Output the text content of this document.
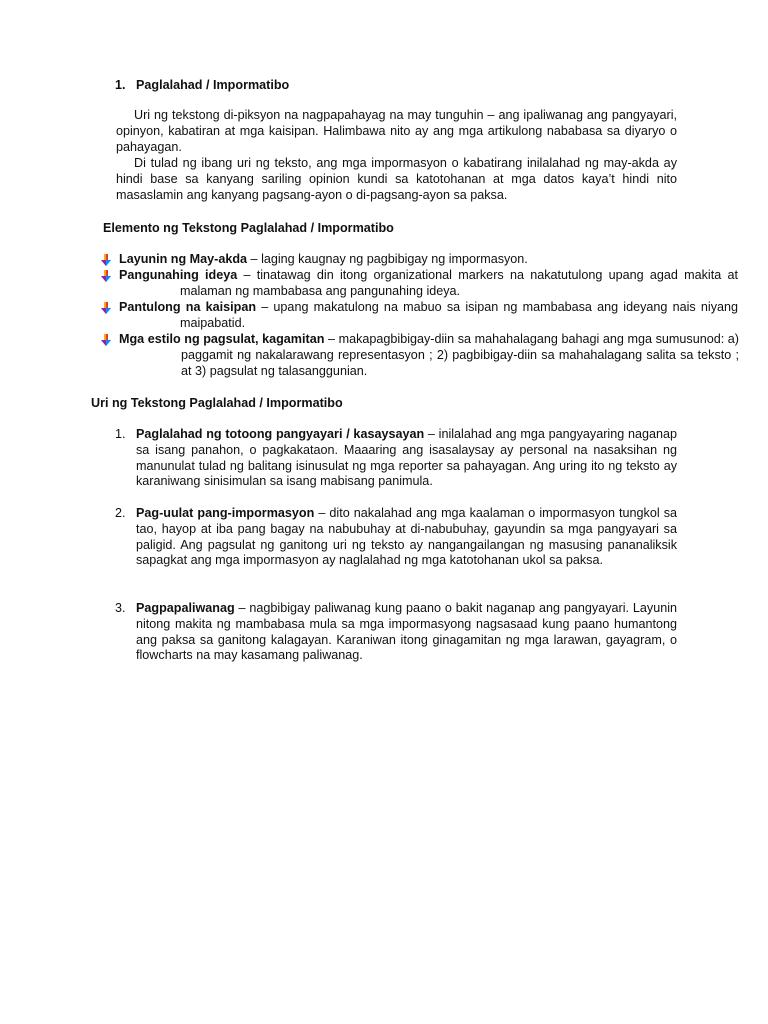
1. Paglalahad / Impormatibo
Uri ng tekstong di-piksyon na nagpapahayag na may tunguhin – ang ipaliwanag ang pangyayari, opinyon, kabatiran at mga kaisipan. Halimbawa nito ay ang mga artikulong nababasa sa diyaryo o pahayagan.
Di tulad ng ibang uri ng teksto, ang mga impormasyon o kabatirang inilalahad ng may-akda ay hindi base sa kanyang sariling opinion kundi sa katotohanan at mga datos kaya’t hindi nito masaslamin ang kanyang pagsang-ayon o di-pagsang-ayon sa paksa.
Elemento ng Tekstong Paglalahad / Impormatibo
Layunin ng May-akda – laging kaugnay ng pagbibigay ng impormasyon.
Pangunahing ideya – tinatawag din itong organizational markers na nakatutulong upang agad makita at malaman ng mambabasa ang pangunahing ideya.
Pantulong na kaisipan – upang makatulong na mabuo sa isipan ng mambabasa ang ideyang nais niyang maipabatid.
Mga estilo ng pagsulat, kagamitan – makapagbibigay-diin sa mahahalagang bahagi ang mga sumusunod: a) paggamit ng nakalarawang representasyon ; 2) pagbibigay-diin sa mahahalagang salita sa teksto ; at 3) pagsulat ng talasanggunian.
Uri ng Tekstong Paglalahad / Impormatibo
1. Paglalahad ng totoong pangyayari / kasaysayan – inilalahad ang mga pangyayaring naganap sa isang panahon, o pagkakataon. Maaaring ang isasalaysay ay personal na nasaksihan ng manunulat tulad ng balitang isinusulat ng mga reporter sa pahayagan. Ang uring ito ng teksto ay karaniwang sinisimulan sa isang mabisang panimula.
2. Pag-uulat pang-impormasyon – dito nakalahad ang mga kaalaman o impormasyon tungkol sa tao, hayop at iba pang bagay na nabubuhay at di-nabubuhay, gayundin sa mga pangyayari sa paligid. Ang pagsulat ng ganitong uri ng teksto ay nangangailangan ng masusing pananaliksik sapagkat ang mga impormasyon ay naglalahad ng mga katotohanan ukol sa paksa.
3. Pagpapaliwanag – nagbibigay paliwanag kung paano o bakit naganap ang pangyayari. Layunin nitong makita ng mambabasa mula sa mga impormasyong nagsasaad kung paano humantong ang paksa sa ganitong kalagayan. Karaniwan itong ginagamitan ng mga larawan, gayagram, o flowcharts na may kasamang paliwanag.
